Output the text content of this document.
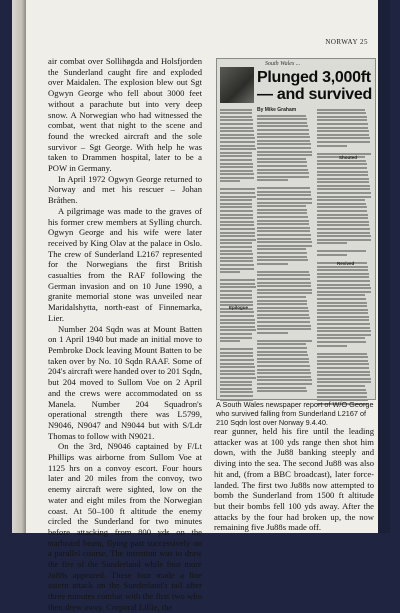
NORWAY 25

air combat over Sollihøgda and Holsfjorden the Sunderland caught fire and exploded over Maidalen. The explosion blew out Sgt Ogwyn George who fell about 3000 feet without a parachute but into very deep snow. A Norwegian who had witnessed the combat, went that night to the scene and found the wrecked aircraft and the sole survivor – Sgt George. With help he was taken to Drammen hospital, later to be a POW in Germany.

In April 1972 Ogwyn George returned to Norway and met his rescuer – Johan Bråthen.

A pilgrimage was made to the graves of his former crew members at Sylling church. Ogwyn George and his wife were later received by King Olav at the palace in Oslo. The crew of Sunderland L2167 represented for the Norwegians the first British casualties from the RAF following the German invasion and on 10 June 1990, a granite memorial stone was unveiled near Maridalshytta, north-east of Finnemarka, Lier.

Number 204 Sqdn was at Mount Batten on 1 April 1940 but made an initial move to Pembroke Dock leaving Mount Batten to be taken over by No. 10 Sqdn RAAF. Some of 204's aircraft were handed over to 201 Sqdn, but 204 moved to Sullom Voe on 2 April and the crews were accommodated on ss Manela. Number 204 Squadron's operational strength there was L5799, N9046, N9047 and N9044 but with S/Ldr Thomas to follow with N9021.

On the 3rd, N9046 captained by F/Lt Phillips was airborne from Sullom Voe at 1125 hrs on a convoy escort. Four hours later and 20 miles from the convoy, two enemy aircraft were sighted, low on the water and eight miles from the Norwegian coast. At 50–100 ft altitude the enemy circled the Sunderland for two minutes before attacking from 800 yds on the starboard beam, flying past successively on a parallel course. The intention was to draw the fire of the Sunderland while four more Ju88s appeared. These four made a line astern attack on the Sunderland's tail after three minutes combat with the first two who then drew away. Corporal Lillie, the

South Wales ...
Plunged 3,000ft — and survived
By Mike Graham
Shouted
Revived
Epilogue
A South Wales newspaper report of W/O George who survived falling from Sunderland L2167 of 210 Sqdn lost over Norway 9.4.40.

rear gunner, held his fire until the leading attacker was at 100 yds range then shot him down, with the Ju88 banking steeply and diving into the sea. The second Ju88 was also hit and, (from a BBC broadcast), later force-landed. The first two Ju88s now attempted to bomb the Sunderland from 1500 ft altitude but their bombs fell 100 yds away. After the attacks by the four had broken up, the now remaining five Ju88s made off.
